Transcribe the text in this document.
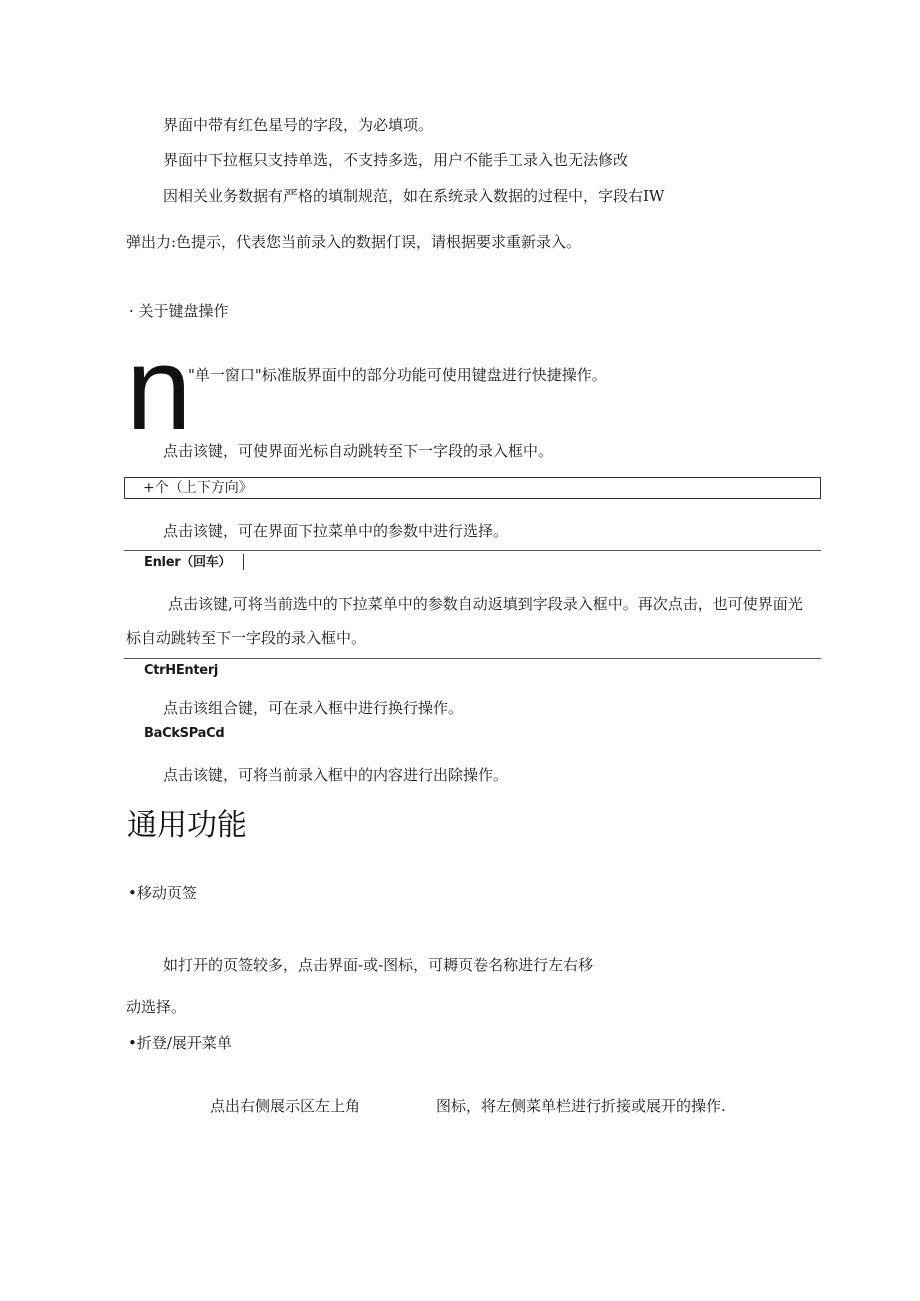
界面中带有红色星号的字段，为必填项。
界面中下拉框只支持单选，不支持多选，用户不能手工录入也无法修改
因相关业务数据有严格的填制规范，如在系统录入数据的过程中，字段右IW
弹出力:色提示，代表您当前录入的数据仃误，请根据要求重新录入。
· 关于键盘操作
n
"单一窗口"标准版界面中的部分功能可使用键盘进行快捷操作。
点击该键，可使界面光标自动跳转至下一字段的录入框中。
+个（上下方向》
点击该键，可在界面下拉菜单中的参数中进行选择。
Enler（回车）
点击该键,可将当前选中的下拉菜单中的参数自动返填到字段录入框中。再次点击，也可使界面光
标自动跳转至下一字段的录入框中。
CtrHEnterj
点击该组合键，可在录入框中进行换行操作。
BaCkSPaCd
点击该键，可将当前录入框中的内容进行出除操作。
通用功能
•移动页签
如打开的页签较多，点击界面-或-图标，可耨页卷名称进行左右移
动选择。
•折登/展开菜单
点出右侧展示区左上角	图标，将左侧菜单栏进行折接或展开的操作.
